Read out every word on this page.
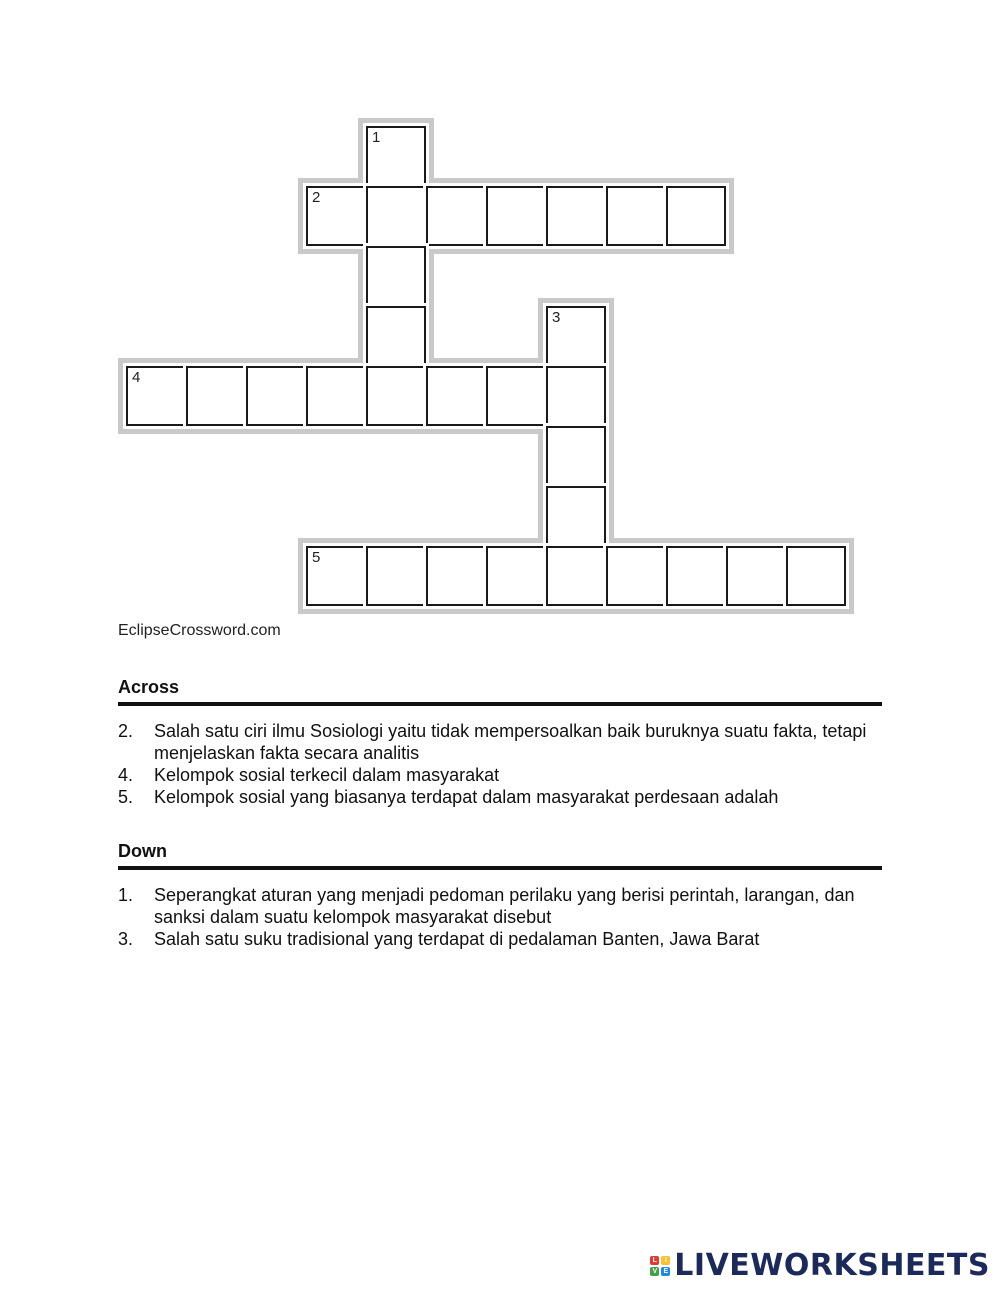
1
2
3
4
5
EclipseCrossword.com
Across
2. Salah satu ciri ilmu Sosiologi yaitu tidak mempersoalkan baik buruknya suatu fakta, tetapi menjelaskan fakta secara analitis
4. Kelompok sosial terkecil dalam masyarakat
5. Kelompok sosial yang biasanya terdapat dalam masyarakat perdesaan adalah
Down
1. Seperangkat aturan yang menjadi pedoman perilaku yang berisi perintah, larangan, dan sanksi dalam suatu kelompok masyarakat disebut
3. Salah satu suku tradisional yang terdapat di pedalaman Banten, Jawa Barat
L	I
V E LIVEWORKSHEETS
